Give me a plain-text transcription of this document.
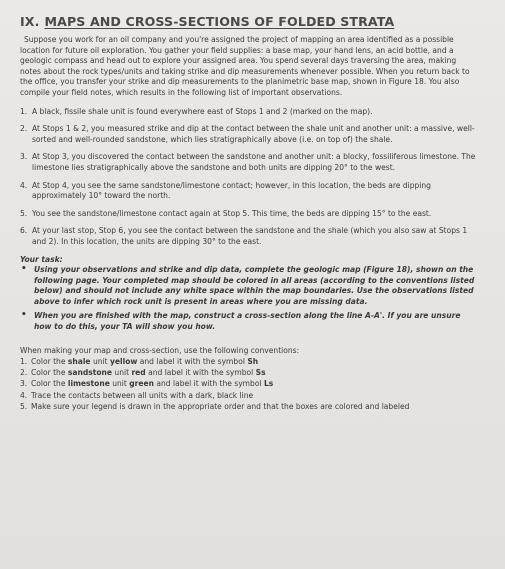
IX. MAPS AND CROSS-SECTIONS OF FOLDED STRATA

Suppose you work for an oil company and you're assigned the project of mapping an area identified as a possible location for future oil exploration. You gather your field supplies: a base map, your hand lens, an acid bottle, and a geologic compass and head out to explore your assigned area. You spend several days traversing the area, making notes about the rock types/units and taking strike and dip measurements whenever possible. When you return back to the office, you transfer your strike and dip measurements to the planimetric base map, shown in Figure 18. You also compile your field notes, which results in the following list of important observations.

1. A black, fissile shale unit is found everywhere east of Stops 1 and 2 (marked on the map).
2. At Stops 1 & 2, you measured strike and dip at the contact between the shale unit and another unit: a massive, well-sorted and well-rounded sandstone, which lies stratigraphically above (i.e. on top of) the shale.
3. At Stop 3, you discovered the contact between the sandstone and another unit: a blocky, fossiliferous limestone. The limestone lies stratigraphically above the sandstone and both units are dipping 20° to the west.
4. At Stop 4, you see the same sandstone/limestone contact; however, in this location, the beds are dipping approximately 10° toward the north.
5. You see the sandstone/limestone contact again at Stop 5. This time, the beds are dipping 15° to the east.
6. At your last stop, Stop 6, you see the contact between the sandstone and the shale (which you also saw at Stops 1 and 2). In this location, the units are dipping 30° to the east.
Your task:
• Using your observations and strike and dip data, complete the geologic map (Figure 18), shown on the following page. Your completed map should be colored in all areas (according to the conventions listed below) and should not include any white space within the map boundaries. Use the observations listed above to infer which rock unit is present in areas where you are missing data.
• When you are finished with the map, construct a cross-section along the line A-A'. If you are unsure how to do this, your TA will show you how.

When making your map and cross-section, use the following conventions:

1. Color the shale unit yellow and label it with the symbol Sh
2. Color the sandstone unit red and label it with the symbol Ss
3. Color the limestone unit green and label it with the symbol Ls
4. Trace the contacts between all units with a dark, black line
5. Make sure your legend is drawn in the appropriate order and that the boxes are colored and labeled
